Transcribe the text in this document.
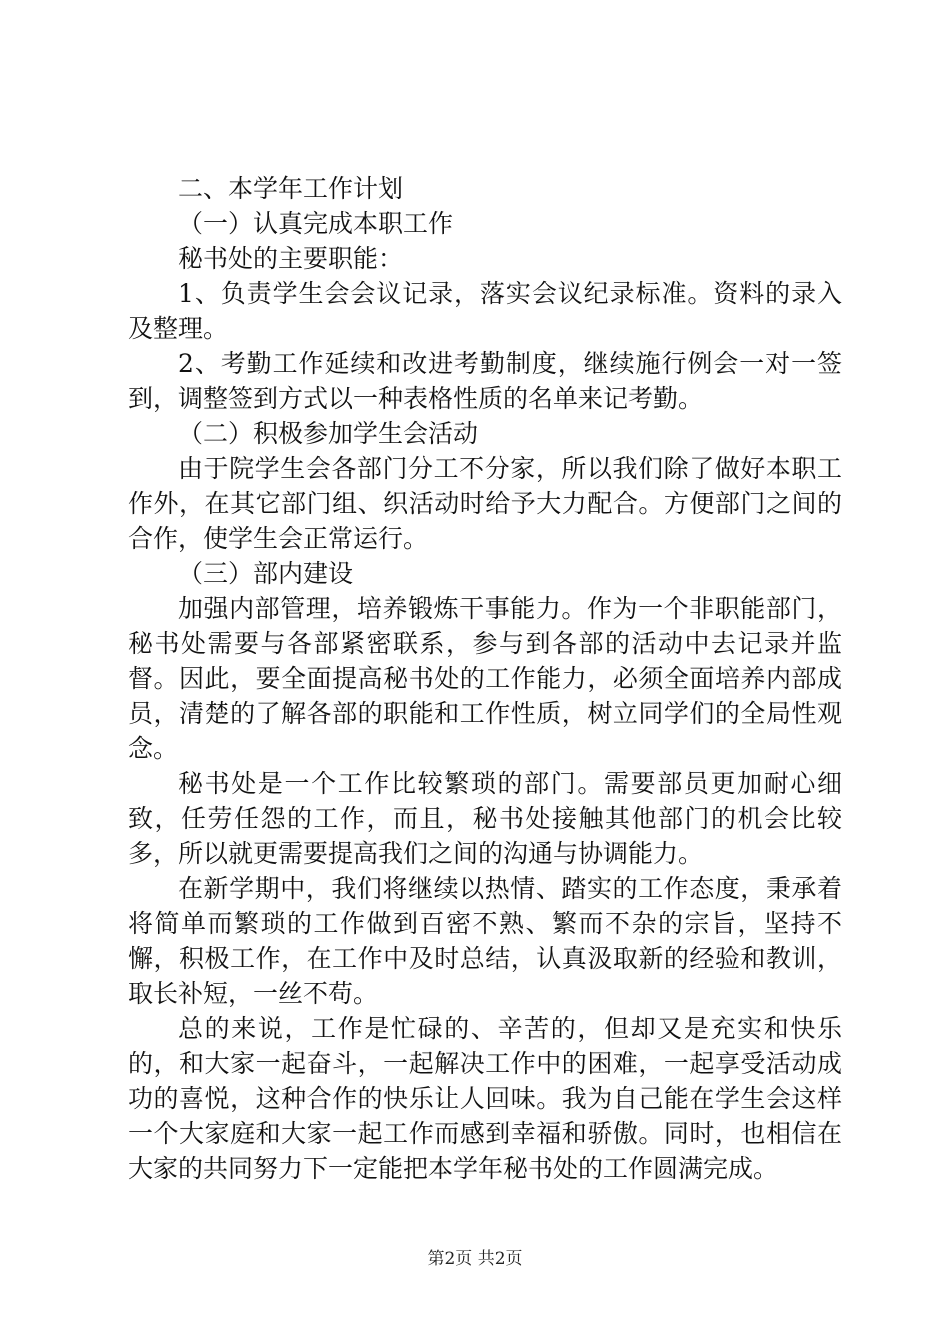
二、本学年工作计划

（一）认真完成本职工作

秘书处的主要职能：

1、负责学生会会议记录，落实会议纪录标准。资料的录入及整理。

2、考勤工作延续和改进考勤制度，继续施行例会一对一签到，调整签到方式以一种表格性质的名单来记考勤。

（二）积极参加学生会活动

由于院学生会各部门分工不分家，所以我们除了做好本职工作外，在其它部门组、织活动时给予大力配合。方便部门之间的合作，使学生会正常运行。

（三）部内建设

加强内部管理，培养锻炼干事能力。作为一个非职能部门，秘书处需要与各部紧密联系，参与到各部的活动中去记录并监督。因此，要全面提高秘书处的工作能力，必须全面培养内部成员，清楚的了解各部的职能和工作性质，树立同学们的全局性观念。

秘书处是一个工作比较繁琐的部门。需要部员更加耐心细致，任劳任怨的工作，而且，秘书处接触其他部门的机会比较多，所以就更需要提高我们之间的沟通与协调能力。

在新学期中，我们将继续以热情、踏实的工作态度，秉承着将简单而繁琐的工作做到百密不熟、繁而不杂的宗旨，坚持不懈，积极工作，在工作中及时总结，认真汲取新的经验和教训，取长补短，一丝不苟。

总的来说，工作是忙碌的、辛苦的，但却又是充实和快乐的，和大家一起奋斗，一起解决工作中的困难，一起享受活动成功的喜悦，这种合作的快乐让人回味。我为自己能在学生会这样一个大家庭和大家一起工作而感到幸福和骄傲。同时，也相信在大家的共同努力下一定能把本学年秘书处的工作圆满完成。

第2页 共2页
